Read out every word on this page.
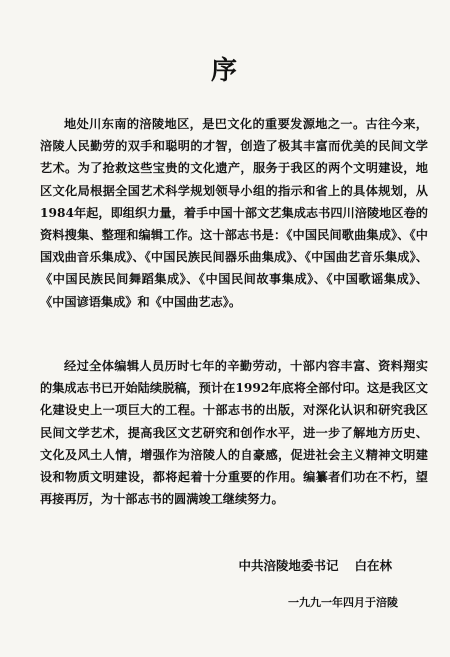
序
地处川东南的涪陵地区，是巴文化的重要发源地之一。古往今来，涪陵人民勤劳的双手和聪明的才智，创造了极其丰富而优美的民间文学艺术。为了抢救这些宝贵的文化遗产，服务于我区的两个文明建设，地区文化局根据全国艺术科学规划领导小组的指示和省上的具体规划，从1984年起，即组织力量，着手中国十部文艺集成志书四川涪陵地区卷的资料搜集、整理和编辑工作。这十部志书是：《中国民间歌曲集成》、《中国戏曲音乐集成》、《中国民族民间器乐曲集成》、《中国曲艺音乐集成》、《中国民族民间舞蹈集成》、《中国民间故事集成》、《中国歌谣集成》、《中国谚语集成》和《中国曲艺志》。
经过全体编辑人员历时七年的辛勤劳动，十部内容丰富、资料翔实的集成志书已开始陆续脱稿，预计在1992年底将全部付印。这是我区文化建设史上一项巨大的工程。十部志书的出版，对深化认识和研究我区民间文学艺术，提高我区文艺研究和创作水平，进一步了解地方历史、文化及风土人情，增强作为涪陵人的自豪感，促进社会主义精神文明建设和物质文明建设，都将起着十分重要的作用。编纂者们功在不朽，望再接再厉，为十部志书的圆满竣工继续努力。
中共涪陵地委书记 白在林
一九九一年四月于涪陵
